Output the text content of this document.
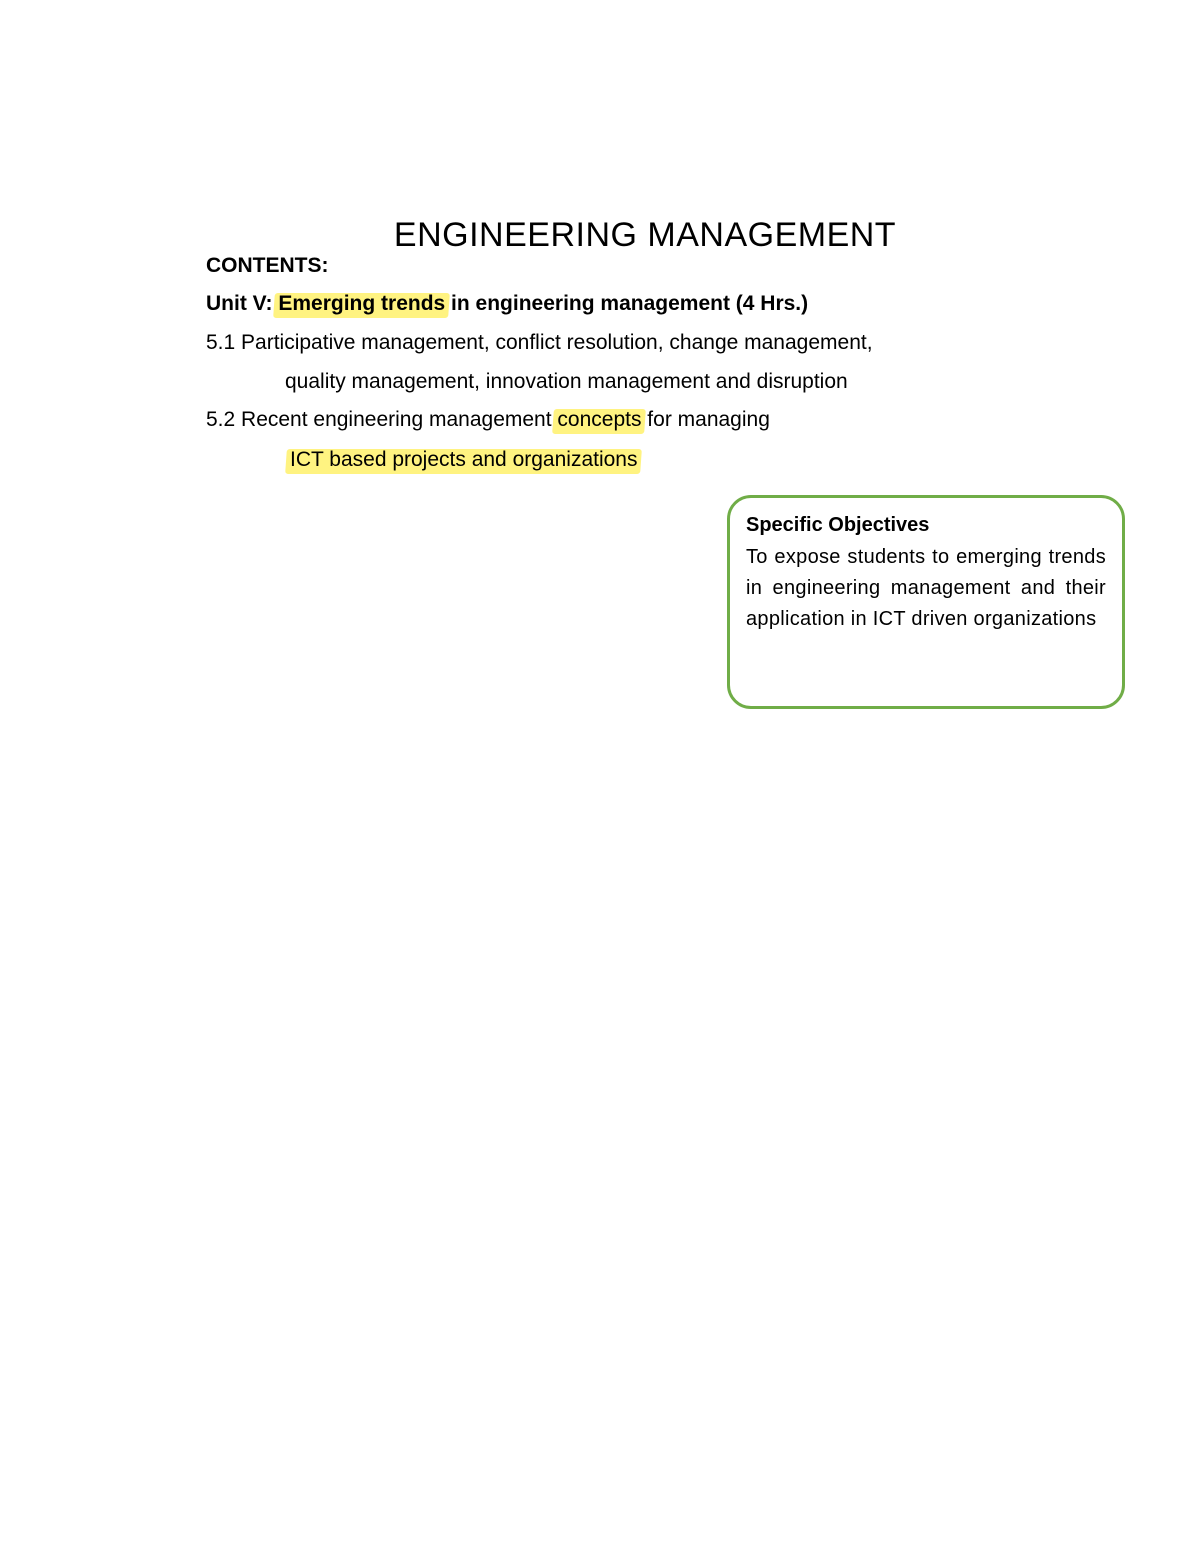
ENGINEERING MANAGEMENT
CONTENTS:
Unit V: Emerging trends in engineering management (4 Hrs.)
5.1 Participative management, conflict resolution, change management,
quality management, innovation management and disruption
5.2 Recent engineering management concepts for managing
ICT based projects and organizations
Specific Objectives
To expose students to emerging trends in engineering management and their application in ICT driven organizations
